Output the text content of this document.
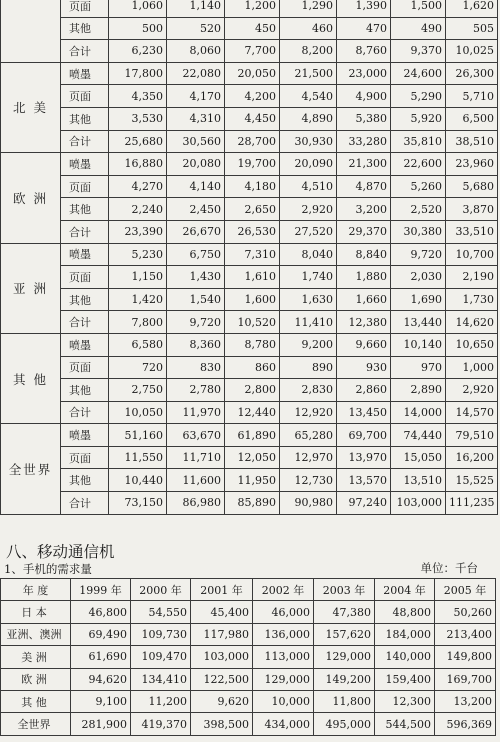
	页面	1,060	1,140	1,200	1,290	1,390	1,500	1,620
	其他	500	520	450	460	470	490	505
	合计	6,230	8,060	7,700	8,200	8,760	9,370	10,025
北 美	喷墨	17,800	22,080	20,050	21,500	23,000	24,600	26,300
	页面	4,350	4,170	4,200	4,540	4,900	5,290	5,710
	其他	3,530	4,310	4,450	4,890	5,380	5,920	6,500
	合计	25,680	30,560	28,700	30,930	33,280	35,810	38,510
欧 洲	喷墨	16,880	20,080	19,700	20,090	21,300	22,600	23,960
	页面	4,270	4,140	4,180	4,510	4,870	5,260	5,680
	其他	2,240	2,450	2,650	2,920	3,200	2,520	3,870
	合计	23,390	26,670	26,530	27,520	29,370	30,380	33,510
亚 洲	喷墨	5,230	6,750	7,310	8,040	8,840	9,720	10,700
	页面	1,150	1,430	1,610	1,740	1,880	2,030	2,190
	其他	1,420	1,540	1,600	1,630	1,660	1,690	1,730
	合计	7,800	9,720	10,520	11,410	12,380	13,440	14,620
其 他	喷墨	6,580	8,360	8,780	9,200	9,660	10,140	10,650
	页面	720	830	860	890	930	970	1,000
	其他	2,750	2,780	2,800	2,830	2,860	2,890	2,920
	合计	10,050	11,970	12,440	12,920	13,450	14,000	14,570
全世界	喷墨	51,160	63,670	61,890	65,280	69,700	74,440	79,510
	页面	11,550	11,710	12,050	12,970	13,970	15,050	16,200
	其他	10,440	11,600	11,950	12,730	13,570	13,510	15,525
	合计	73,150	86,980	85,890	90,980	97,240	103,000	111,235
八、移动通信机
1、手机的需求量	单位：千台
年 度	1999 年	2000 年	2001 年	2002 年	2003 年	2004 年	2005 年
日 本	46,800	54,550	45,400	46,000	47,380	48,800	50,260
亚洲、澳洲	69,490	109,730	117,980	136,000	157,620	184,000	213,400
美 洲	61,690	109,470	103,000	113,000	129,000	140,000	149,800
欧 洲	94,620	134,410	122,500	129,000	149,200	159,400	169,700
其 他	9,100	11,200	9,620	10,000	11,800	12,300	13,200
全世界	281,900	419,370	398,500	434,000	495,000	544,500	596,369
